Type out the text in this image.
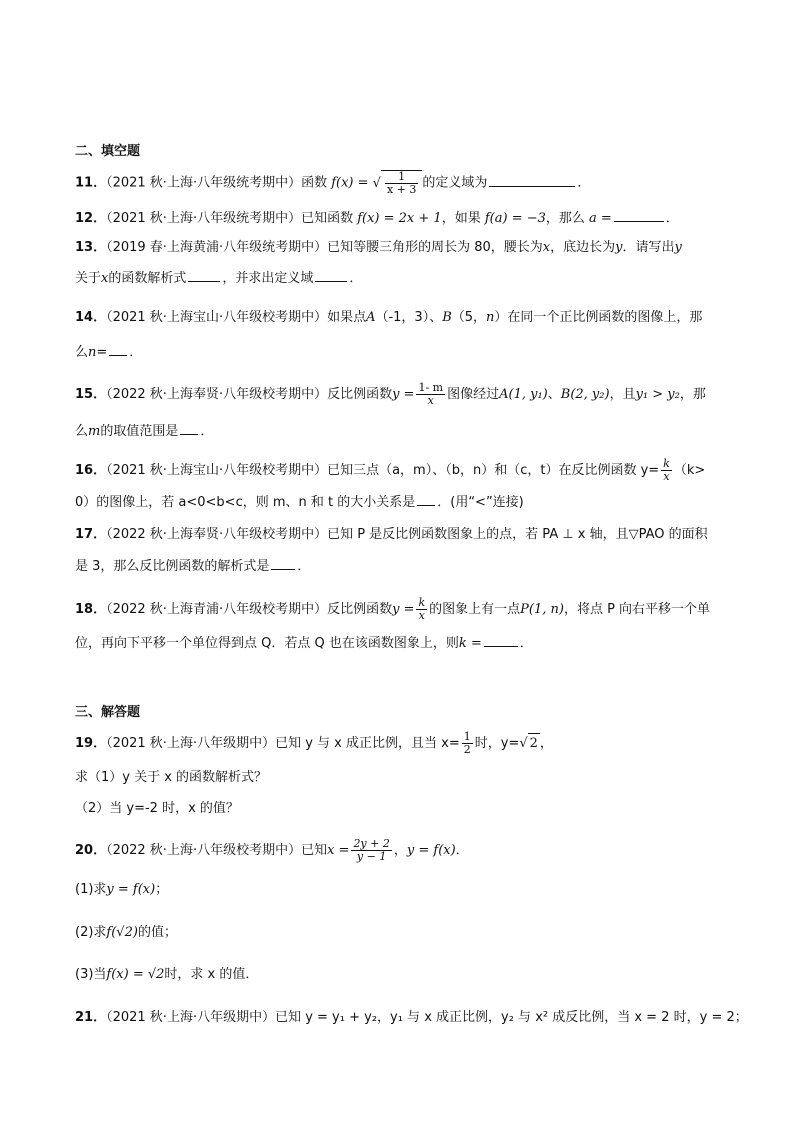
二、填空题
11．（2021 秋·上海·八年级统考期中）函数 f(x) = √ $\frac{1}{x + 3}$ 的定义域为	．
12．（2021 秋·上海·八年级统考期中）已知函数 f(x) = 2x + 1，如果 f(a) = −3，那么 a =	．
13．（2019 春·上海黄浦·八年级统考期中）已知等腰三角形的周长为 80，腰长为x，底边长为y．请写出y
关于x的函数解析式	，并求出定义域	．
14．（2021 秋·上海宝山·八年级校考期中）如果点A（-1，3）、B（5，n）在同一个正比例函数的图像上，那
么n= ．
15．（2022 秋·上海奉贤·八年级校考期中）反比例函数$y = \frac{1- m}{x}$ 图像经过A(1, y₁)、B(2, y₂)，且y₁ > y₂，那
么m的取值范围是 ．
16．（2021 秋·上海宝山·八年级校考期中）已知三点（a，m）、（b，n）和（c，t）在反比例函数 $y= \frac{k}{x} (k>$
0）的图像上，若 a<0<b<c，则 m、n 和 t 的大小关系是 ．(用“<”连接)
17．（2022 秋·上海奉贤·八年级校考期中）已知 P 是反比例函数图象上的点，若 PA ⊥ x 轴，且▽PAO 的面积
是 3，那么反比例函数的解析式是 ．
18．（2022 秋·上海青浦·八年级校考期中）反比例函数$y = \frac{k}{x}$ 的图象上有一点P(1, n)，将点 P 向右平移一个单
位，再向下平移一个单位得到点 Q．若点 Q 也在该函数图象上，则k =	．
三、解答题
19．（2021 秋·上海·八年级期中）已知 y 与 x 成正比例，且当 $x= \frac{1}{2}$ 时，y=√ 2 ，
求（1）y 关于 x 的函数解析式？
（2）当 y=-2 时，x 的值？
20．（2022 秋·上海·八年级校考期中）已知$x = \frac{2y + 2}{y - 1}$ ，y = f(x)．
(1)求y = f(x)；
(2)求f(√2)的值；
(3)当f(x) = √2时，求 x 的值．
21．（2021 秋·上海·八年级期中）已知 y = y₁ + y₂，y₁ 与 x 成正比例，y₂ 与 x² 成反比例，当 x = 2 时，y = 2；
